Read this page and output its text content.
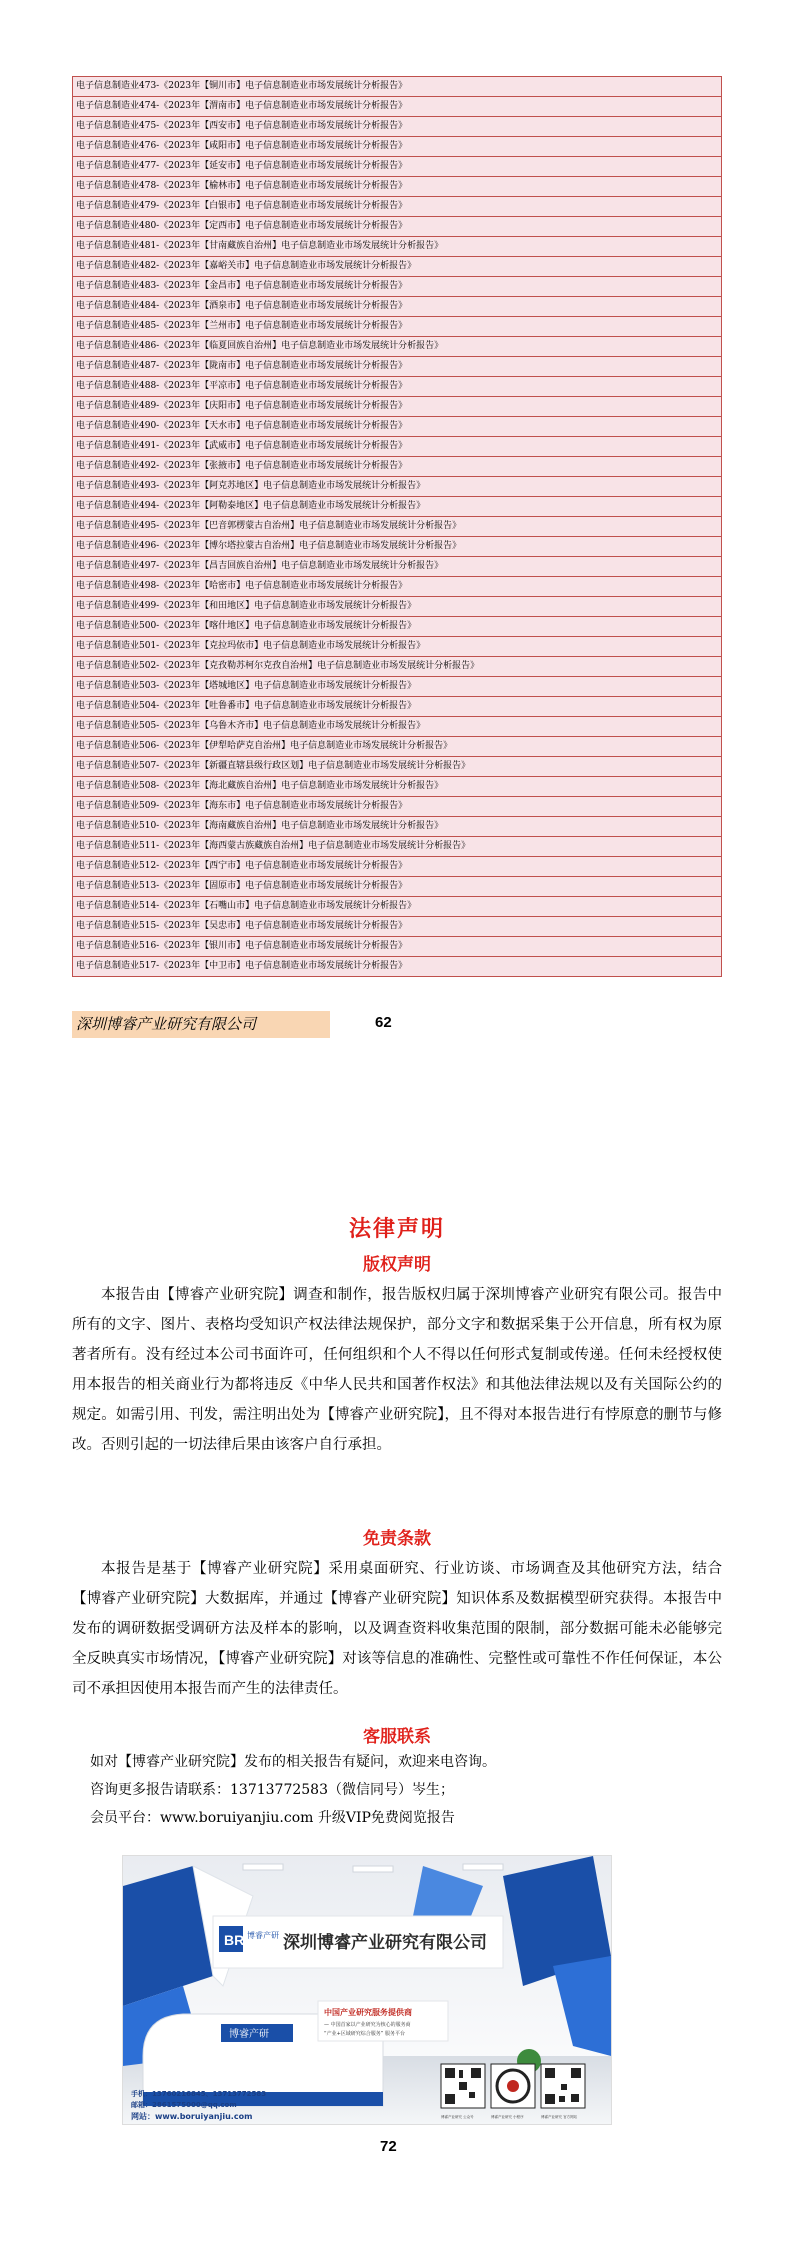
电子信息制造业473-《2023年【铜川市】电子信息制造业市场发展统计分析报告》
电子信息制造业474-《2023年【渭南市】电子信息制造业市场发展统计分析报告》
电子信息制造业475-《2023年【西安市】电子信息制造业市场发展统计分析报告》
电子信息制造业476-《2023年【咸阳市】电子信息制造业市场发展统计分析报告》
电子信息制造业477-《2023年【延安市】电子信息制造业市场发展统计分析报告》
电子信息制造业478-《2023年【榆林市】电子信息制造业市场发展统计分析报告》
电子信息制造业479-《2023年【白银市】电子信息制造业市场发展统计分析报告》
电子信息制造业480-《2023年【定西市】电子信息制造业市场发展统计分析报告》
电子信息制造业481-《2023年【甘南藏族自治州】电子信息制造业市场发展统计分析报告》
电子信息制造业482-《2023年【嘉峪关市】电子信息制造业市场发展统计分析报告》
电子信息制造业483-《2023年【金昌市】电子信息制造业市场发展统计分析报告》
电子信息制造业484-《2023年【酒泉市】电子信息制造业市场发展统计分析报告》
电子信息制造业485-《2023年【兰州市】电子信息制造业市场发展统计分析报告》
电子信息制造业486-《2023年【临夏回族自治州】电子信息制造业市场发展统计分析报告》
电子信息制造业487-《2023年【陇南市】电子信息制造业市场发展统计分析报告》
电子信息制造业488-《2023年【平凉市】电子信息制造业市场发展统计分析报告》
电子信息制造业489-《2023年【庆阳市】电子信息制造业市场发展统计分析报告》
电子信息制造业490-《2023年【天水市】电子信息制造业市场发展统计分析报告》
电子信息制造业491-《2023年【武威市】电子信息制造业市场发展统计分析报告》
电子信息制造业492-《2023年【张掖市】电子信息制造业市场发展统计分析报告》
电子信息制造业493-《2023年【阿克苏地区】电子信息制造业市场发展统计分析报告》
电子信息制造业494-《2023年【阿勒泰地区】电子信息制造业市场发展统计分析报告》
电子信息制造业495-《2023年【巴音郭楞蒙古自治州】电子信息制造业市场发展统计分析报告》
电子信息制造业496-《2023年【博尔塔拉蒙古自治州】电子信息制造业市场发展统计分析报告》
电子信息制造业497-《2023年【昌吉回族自治州】电子信息制造业市场发展统计分析报告》
电子信息制造业498-《2023年【哈密市】电子信息制造业市场发展统计分析报告》
电子信息制造业499-《2023年【和田地区】电子信息制造业市场发展统计分析报告》
电子信息制造业500-《2023年【喀什地区】电子信息制造业市场发展统计分析报告》
电子信息制造业501-《2023年【克拉玛依市】电子信息制造业市场发展统计分析报告》
电子信息制造业502-《2023年【克孜勒苏柯尔克孜自治州】电子信息制造业市场发展统计分析报告》
电子信息制造业503-《2023年【塔城地区】电子信息制造业市场发展统计分析报告》
电子信息制造业504-《2023年【吐鲁番市】电子信息制造业市场发展统计分析报告》
电子信息制造业505-《2023年【乌鲁木齐市】电子信息制造业市场发展统计分析报告》
电子信息制造业506-《2023年【伊犁哈萨克自治州】电子信息制造业市场发展统计分析报告》
电子信息制造业507-《2023年【新疆直辖县级行政区划】电子信息制造业市场发展统计分析报告》
电子信息制造业508-《2023年【海北藏族自治州】电子信息制造业市场发展统计分析报告》
电子信息制造业509-《2023年【海东市】电子信息制造业市场发展统计分析报告》
电子信息制造业510-《2023年【海南藏族自治州】电子信息制造业市场发展统计分析报告》
电子信息制造业511-《2023年【海西蒙古族藏族自治州】电子信息制造业市场发展统计分析报告》
电子信息制造业512-《2023年【西宁市】电子信息制造业市场发展统计分析报告》
电子信息制造业513-《2023年【固原市】电子信息制造业市场发展统计分析报告》
电子信息制造业514-《2023年【石嘴山市】电子信息制造业市场发展统计分析报告》
电子信息制造业515-《2023年【吴忠市】电子信息制造业市场发展统计分析报告》
电子信息制造业516-《2023年【银川市】电子信息制造业市场发展统计分析报告》
电子信息制造业517-《2023年【中卫市】电子信息制造业市场发展统计分析报告》
深圳博睿产业研究有限公司	62
法律声明
版权声明

本报告由【博睿产业研究院】调查和制作，报告版权归属于深圳博睿产业研究有限公司。报告中所有的文字、图片、表格均受知识产权法律法规保护，部分文字和数据采集于公开信息，所有权为原著者所有。没有经过本公司书面许可，任何组织和个人不得以任何形式复制或传递。任何未经授权使用本报告的相关商业行为都将违反《中华人民共和国著作权法》和其他法律法规以及有关国际公约的规定。如需引用、刊发，需注明出处为【博睿产业研究院】，且不得对本报告进行有悖原意的删节与修改。否则引起的一切法律后果由该客户自行承担。

免责条款

本报告是基于【博睿产业研究院】采用桌面研究、行业访谈、市场调查及其他研究方法，结合【博睿产业研究院】大数据库，并通过【博睿产业研究院】知识体系及数据模型研究获得。本报告中发布的调研数据受调研方法及样本的影响，以及调查资料收集范围的限制，部分数据可能未必能够完全反映真实市场情况，【博睿产业研究院】对该等信息的准确性、完整性或可靠性不作任何保证，本公司不承担因使用本报告而产生的法律责任。

客服联系
如对【博睿产业研究院】发布的相关报告有疑问，欢迎来电咨询。
咨询更多报告请联系：13713772583（微信同号）岑生；
会员平台：www.boruiyanjiu.com 升级VIP免费阅览报告
BR 博睿产研 深圳博睿产业研究有限公司
博睿产研
中国产业研究服务提供商
— 中国首家以产业研究为核心的服务商
“产业+区域研究综合服务” 服务平台
手机：13760216845、13713772583
邮箱：2861575000@qq.com
网站：www.boruiyanjiu.com	博睿产业研究 公众号	博睿产业研究 小程序	博睿产业研究 官方网站
72
